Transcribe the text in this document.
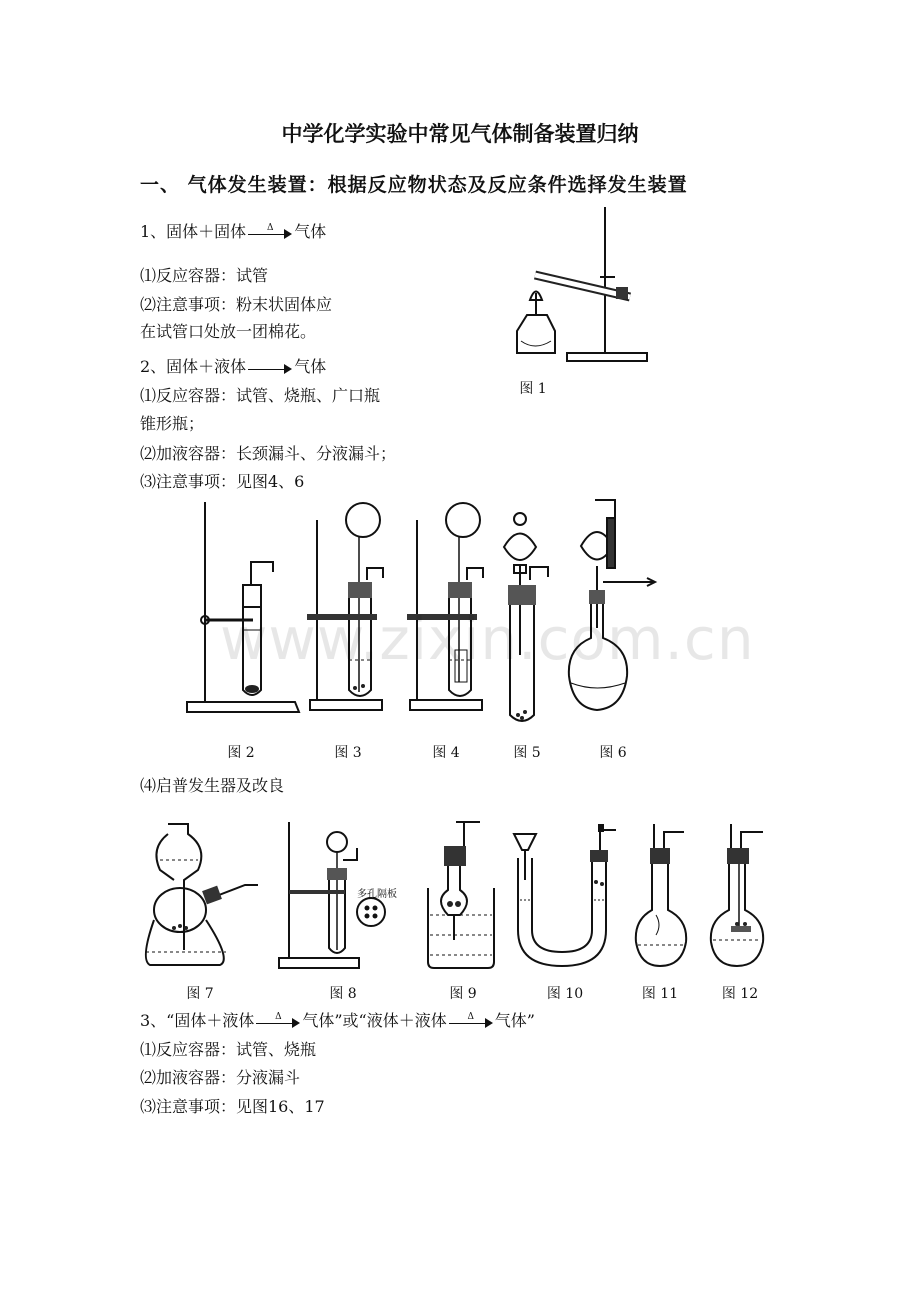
中学化学实验中常见气体制备装置归纳
一、 气体发生装置：根据反应物状态及反应条件选择发生装置
1、固体＋固体	Δ	气体
⑴反应容器：试管
⑵注意事项：粉末状固体应
在试管口处放一团棉花。
2、固体＋液体	气体
⑴反应容器：试管、烧瓶、广口瓶
锥形瓶；
⑵加液容器：长颈漏斗、分液漏斗；
⑶注意事项：见图4、6
⑷启普发生器及改良
3、“固体＋液体	Δ	气体”或“液体＋液体	Δ	气体”
⑴反应容器：试管、烧瓶
⑵加液容器：分液漏斗
⑶注意事项：见图16、17
图 1
图 2	图 3	图 4	图 5	图 6
图 7
多孔隔板
图 8	图 9	图 10	图 11	图 12
www.zixin.com.cn
